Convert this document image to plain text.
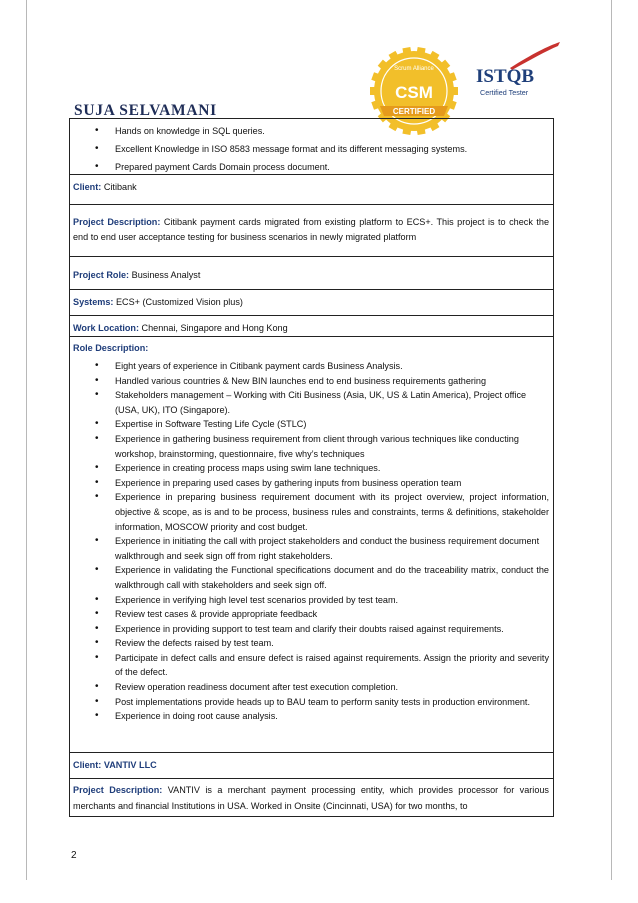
Scrum Alliance
CSM
CERTIFIED
ISTQB
Certified Tester
SUJA SELVAMANI
• Hands on knowledge in SQL queries.
• Excellent Knowledge in ISO 8583 message format and its different messaging systems.
• Prepared payment Cards Domain process document.
Client: Citibank
Project Description: Citibank payment cards migrated from existing platform to ECS+. This project is to check the end to end user acceptance testing for business scenarios in newly migrated platform
Project Role: Business Analyst
Systems: ECS+ (Customized Vision plus)
Work Location: Chennai, Singapore and Hong Kong
Role Description:
• Eight years of experience in Citibank payment cards Business Analysis.
• Handled various countries & New BIN launches end to end business requirements gathering
• Stakeholders management – Working with Citi Business (Asia, UK, US & Latin America), Project office (USA, UK), ITO (Singapore).
• Expertise in Software Testing Life Cycle (STLC)
• Experience in gathering business requirement from client through various techniques like conducting workshop, brainstorming, questionnaire, five why’s techniques
• Experience in creating process maps using swim lane techniques.
• Experience in preparing used cases by gathering inputs from business operation team
• Experience in preparing business requirement document with its project overview, project information, objective & scope, as is and to be process, business rules and constraints, terms & definitions, stakeholder information, MOSCOW priority and cost budget.
• Experience in initiating the call with project stakeholders and conduct the business requirement document walkthrough and seek sign off from right stakeholders.
• Experience in validating the Functional specifications document and do the traceability matrix, conduct the walkthrough call with stakeholders and seek sign off.
• Experience in verifying high level test scenarios provided by test team.
• Review test cases & provide appropriate feedback
• Experience in providing support to test team and clarify their doubts raised against requirements.
• Review the defects raised by test team.
• Participate in defect calls and ensure defect is raised against requirements. Assign the priority and severity of the defect.
• Review operation readiness document after test execution completion.
• Post implementations provide heads up to BAU team to perform sanity tests in production environment.
• Experience in doing root cause analysis.
Client: VANTIV LLC
Project Description: VANTIV is a merchant payment processing entity, which provides processor for various merchants and financial Institutions in USA. Worked in Onsite (Cincinnati, USA) for two months, to
2
